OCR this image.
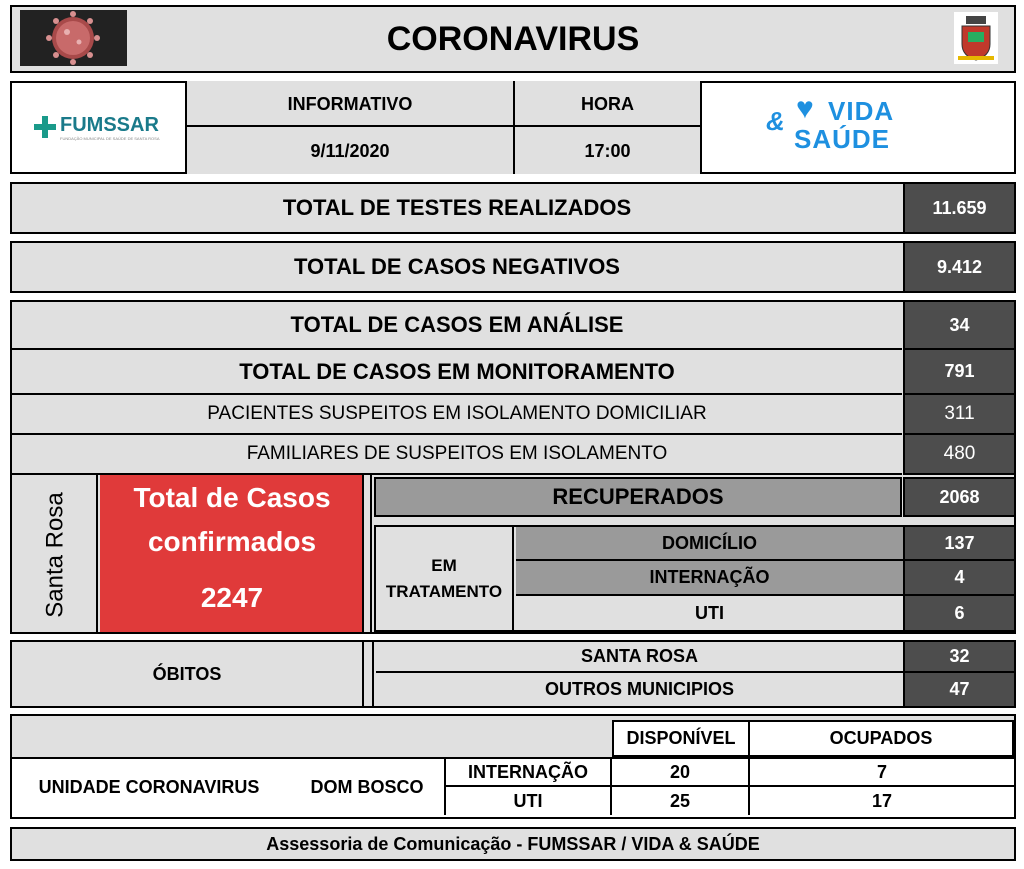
CORONAVIRUS
FUMSSAR
FUNDAÇÃO MUNICIPAL DE SAÚDE DE SANTA ROSA
INFORMATIVO
9/11/2020
HORA
17:00
& ♥ VIDA
SAÚDE
TOTAL DE TESTES REALIZADOS	11.659
TOTAL DE CASOS NEGATIVOS	9.412
TOTAL DE CASOS EM ANÁLISE	34
TOTAL DE CASOS EM MONITORAMENTO	791
PACIENTES SUSPEITOS EM ISOLAMENTO DOMICILIAR	311
FAMILIARES DE SUSPEITOS EM ISOLAMENTO	480
Santa Rosa	Total de Casos
confirmados
2247
RECUPERADOS	2068
EM
TRATAMENTO
DOMICÍLIO	137
INTERNAÇÃO	4
UTI	6
ÓBITOS
SANTA ROSA	32
OUTROS MUNICIPIOS	47
DISPONÍVEL	OCUPADOS
UNIDADE CORONAVIRUS	DOM BOSCO
INTERNAÇÃO	20	7
UTI	25	17
Assessoria de Comunicação - FUMSSAR / VIDA & SAÚDE
